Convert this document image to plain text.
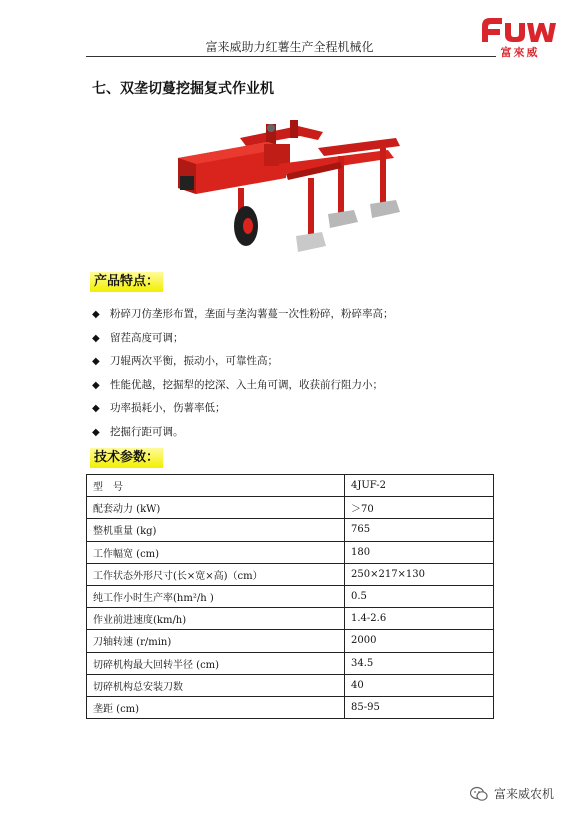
富来威助力红薯生产全程机械化	富來威
七、双垄切蔓挖掘复式作业机
产品特点：
◆ 粉碎刀仿垄形布置，垄面与垄沟薯蔓一次性粉碎，粉碎率高；
◆ 留茬高度可调；
◆ 刀辊两次平衡，振动小，可靠性高；
◆ 性能优越，挖掘犁的挖深、入土角可调，收获前行阻力小；
◆ 功率损耗小，伤薯率低；
◆ 挖掘行距可调。
技术参数：
型　号	4JUF-2
配套动力 (kW)	＞70
整机重量 (kg)	765
工作幅宽 (cm)	180
工作状态外形尺寸(长×宽×高)（cm）	250×217×130
纯工作小时生产率(hm²/h )	0.5
作业前进速度(km/h)	1.4-2.6
刀轴转速 (r/min)	2000
切碎机构最大回转半径 (cm)	34.5
切碎机构总安装刀数	40
垄距 (cm)	85-95
富来威农机
